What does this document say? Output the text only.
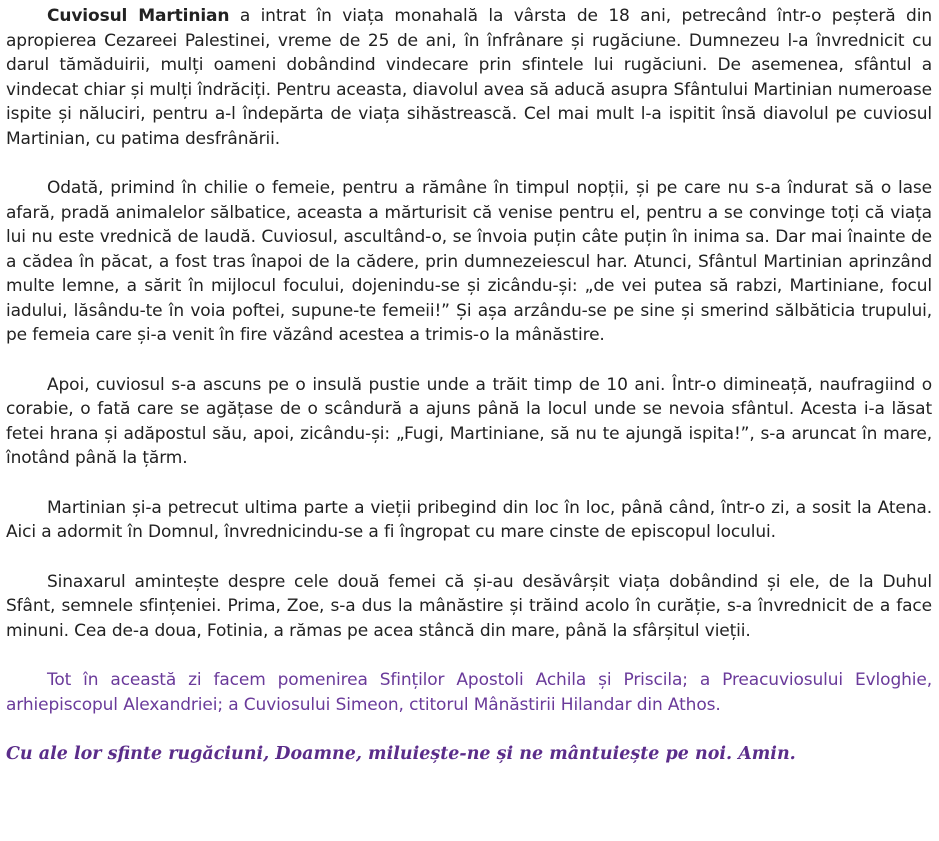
Cuviosul Martinian a intrat în viața monahală la vârsta de 18 ani, petrecând într-o peșteră din apropierea Cezareei Palestinei, vreme de 25 de ani, în înfrânare și rugăciune. Dumnezeu l-a învrednicit cu darul tămăduirii, mulți oameni dobândind vindecare prin sfintele lui rugăciuni. De asemenea, sfântul a vindecat chiar și mulți îndrăciți. Pentru aceasta, diavolul avea să aducă asupra Sfântului Martinian numeroase ispite și năluciri, pentru a-l îndepărta de viața sihăstrească. Cel mai mult l-a ispitit însă diavolul pe cuviosul Martinian, cu patima desfrânării.

Odată, primind în chilie o femeie, pentru a rămâne în timpul nopții, și pe care nu s-a îndurat să o lase afară, pradă animalelor sălbatice, aceasta a mărturisit că venise pentru el, pentru a se convinge toți că viața lui nu este vrednică de laudă. Cuviosul, ascultând-o, se învoia puțin câte puțin în inima sa. Dar mai înainte de a cădea în păcat, a fost tras înapoi de la cădere, prin dumnezeiescul har. Atunci, Sfântul Martinian aprinzând multe lemne, a sărit în mijlocul focului, dojenindu-se și zicându-și: „de vei putea să rabzi, Martiniane, focul iadului, lăsându-te în voia poftei, supune-te femeii!” Și așa arzându-se pe sine și smerind sălbăticia trupului, pe femeia care și-a venit în fire văzând acestea a trimis-o la mânăstire.

Apoi, cuviosul s-a ascuns pe o insulă pustie unde a trăit timp de 10 ani. Într-o dimineață, naufragiind o corabie, o fată care se agățase de o scândură a ajuns până la locul unde se nevoia sfântul. Acesta i-a lăsat fetei hrana și adăpostul său, apoi, zicându-și: „Fugi, Martiniane, să nu te ajungă ispita!”, s-a aruncat în mare, înotând până la țărm.

Martinian și-a petrecut ultima parte a vieții pribegind din loc în loc, până când, într-o zi, a sosit la Atena. Aici a adormit în Domnul, învrednicindu-se a fi îngropat cu mare cinste de episcopul locului.

Sinaxarul amintește despre cele două femei că și-au desăvârșit viața dobândind și ele, de la Duhul Sfânt, semnele sfințeniei. Prima, Zoe, s-a dus la mânăstire și trăind acolo în curăție, s-a învrednicit de a face minuni. Cea de-a doua, Fotinia, a rămas pe acea stâncă din mare, până la sfârșitul vieții.

Tot în această zi facem pomenirea Sfinților Apostoli Achila și Priscila; a Preacuviosului Evloghie, arhiepiscopul Alexandriei; a Cuviosului Simeon, ctitorul Mânăstirii Hilandar din Athos.

Cu ale lor sfinte rugăciuni, Doamne, miluiește-ne și ne mântuiește pe noi. Amin.
